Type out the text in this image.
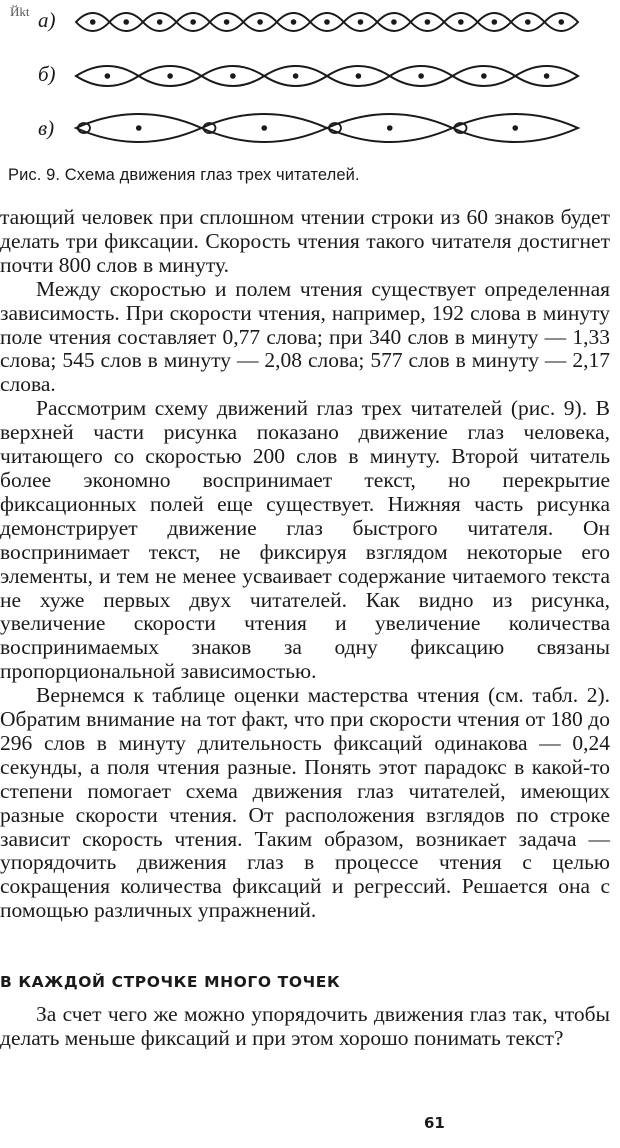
Йkt а)
б)
в)
Рис. 9. Схема движения глаз трех читателей.

тающий человек при сплошном чтении строки из 60 знаков будет делать три фиксации. Скорость чтения такого читателя достигнет почти 800 слов в минуту.

Между скоростью и полем чтения существует определенная зависимость. При скорости чтения, например, 192 слова в минуту поле чтения составляет 0,77 слова; при 340 слов в минуту — 1,33 слова; 545 слов в минуту — 2,08 слова; 577 слов в минуту — 2,17 слова.

Рассмотрим схему движений глаз трех читателей (рис. 9). В верхней части рисунка показано движение глаз человека, читающего со скоростью 200 слов в минуту. Второй читатель более экономно воспринимает текст, но перекрытие фиксационных полей еще существует. Нижняя часть рисунка демонстрирует движение глаз быстрого читателя. Он воспринимает текст, не фиксируя взглядом некоторые его элементы, и тем не менее усваивает содержание читаемого текста не хуже первых двух читателей. Как видно из рисунка, увеличение скорости чтения и увеличение количества воспринимаемых знаков за одну фиксацию связаны пропорциональной зависимостью.

Вернемся к таблице оценки мастерства чтения (см. табл. 2). Обратим внимание на тот факт, что при скорости чтения от 180 до 296 слов в минуту длительность фиксаций одинакова — 0,24 секунды, а поля чтения разные. Понять этот парадокс в какой-то степени помогает схема движения глаз читателей, имеющих разные скорости чтения. От расположения взглядов по строке зависит скорость чтения. Таким образом, возникает задача — упорядочить движения глаз в процессе чтения с целью сокращения количества фиксаций и регрессий. Решается она с помощью различных упражнений.

В КАЖДОЙ СТРОЧКЕ МНОГО ТОЧЕК

За счет чего же можно упорядочить движения глаз так, чтобы делать меньше фиксаций и при этом хорошо понимать текст?

61
